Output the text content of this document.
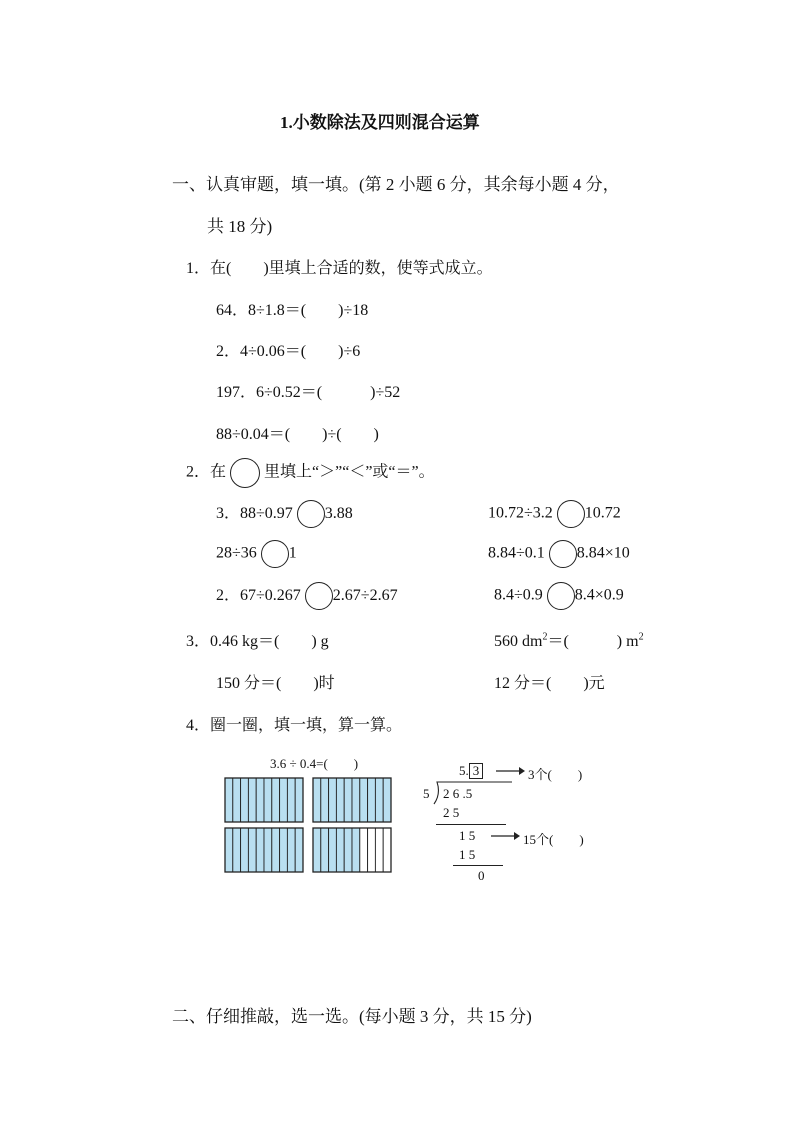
1.小数除法及四则混合运算
一、认真审题，填一填。(第 2 小题 6 分，其余每小题 4 分，
共 18 分)
1．在(　　)里填上合适的数，使等式成立。
64．8÷1.8＝(　　)÷18
2．4÷0.06＝(　　)÷6
197．6÷0.52＝(　　　)÷52
88÷0.04＝(　　)÷(　　)
2．在 里填上“＞”“＜”或“＝”。
3．88÷0.97 3.88	10.72÷3.2 10.72
28÷36 1	8.84÷0.1 8.84×10
2．67÷0.267 2.67÷2.67	8.4÷0.9 8.4×0.9
3．0.46 kg＝(　　) g	560 $dm^2=$(　　　) $m^2$
150 分＝(　　)时	12 分＝(　　)元
4．圈一圈，填一填，算一算。
3.6 ÷ 0.4=(　　)	5. 3	3个(　　)
5 2 6 .5
2 5
1 5	15个(　　)
1 5
0
二、仔细推敲，选一选。(每小题 3 分，共 15 分)
